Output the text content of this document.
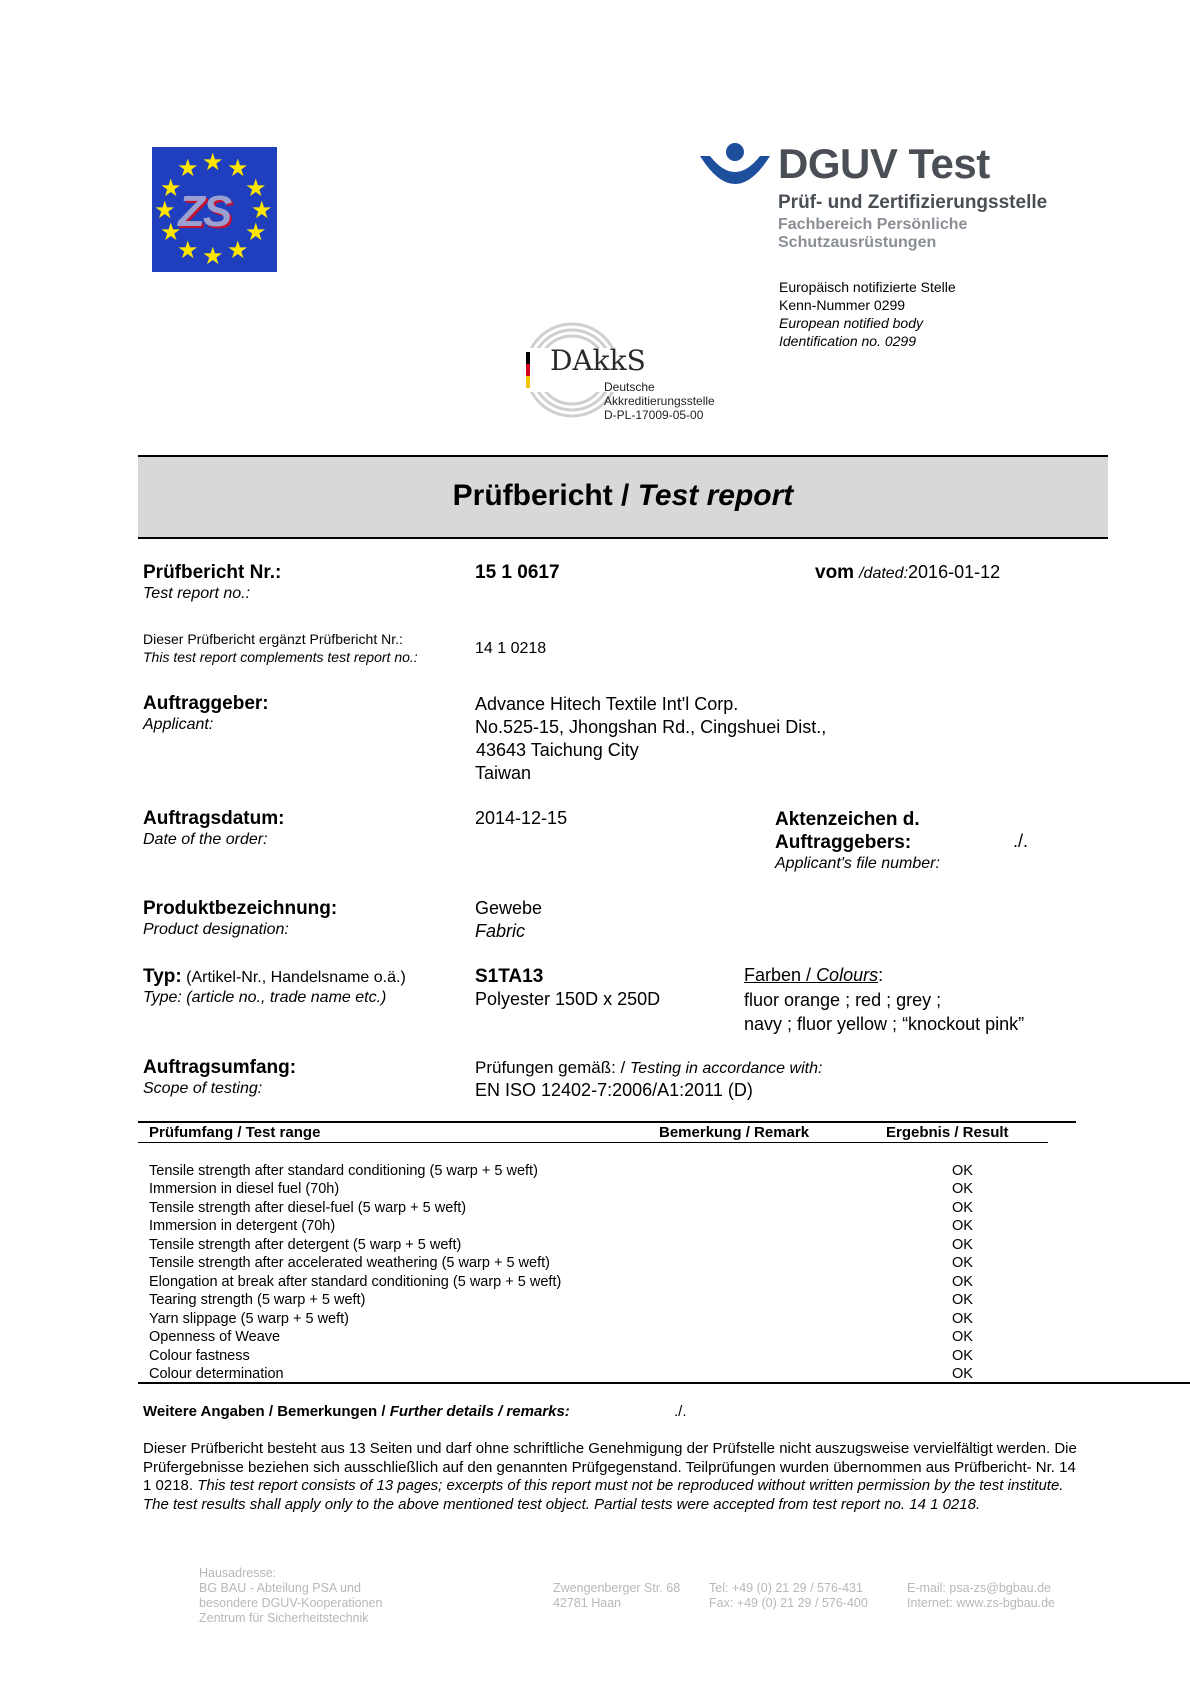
★
★ ★
★	★
★	★
★	★
★ ★
★
ZS
DGUV Test
Prüf- und Zertifizierungsstelle
Fachbereich Persönliche Schutzausrüstungen
Europäisch notifizierte Stelle
Kenn-Nummer 0299
European notified body
Identification no. 0299
DAkkS
Deutsche
Akkreditierungsstelle
D-PL-17009-05-00
Prüfbericht / Test report
Prüfbericht Nr.:
Test report no.:
15 1 0617	vom /dated:2016-01-12
Dieser Prüfbericht ergänzt Prüfbericht Nr.:
This test report complements test report no.:	14 1 0218
Auftraggeber:
Applicant:
Advance Hitech Textile Int'l Corp.
No.525-15, Jhongshan Rd., Cingshuei Dist.,
43643 Taichung City
Taiwan
Auftragsdatum:
Date of the order:
2014-12-15	Aktenzeichen d.
Auftraggebers:
Applicant's file number:
./.
Produktbezeichnung:
Product designation:
Gewebe
Fabric
Typ: (Artikel-Nr., Handelsname o.ä.)
Type: (article no., trade name etc.)
S1TA13
Polyester 150D x 250D
Farben / Colours:
fluor orange ; red ; grey ;
navy ; fluor yellow ; “knockout pink”
Auftragsumfang:
Scope of testing:
Prüfungen gemäß: / Testing in accordance with:
EN ISO 12402-7:2006/A1:2011 (D)
Prüfumfang / Test range	Bemerkung / Remark	Ergebnis / Result
Tensile strength after standard conditioning (5 warp + 5 weft)	OK
Immersion in diesel fuel (70h)	OK
Tensile strength after diesel-fuel (5 warp + 5 weft)	OK
Immersion in detergent (70h)	OK
Tensile strength after detergent (5 warp + 5 weft)	OK
Tensile strength after accelerated weathering (5 warp + 5 weft)	OK
Elongation at break after standard conditioning (5 warp + 5 weft)	OK
Tearing strength (5 warp + 5 weft)	OK
Yarn slippage (5 warp + 5 weft)	OK
Openness of Weave	OK
Colour fastness	OK
Colour determination	OK
Weitere Angaben / Bemerkungen / Further details / remarks:	./.
Dieser Prüfbericht besteht aus 13 Seiten und darf ohne schriftliche Genehmigung der Prüfstelle nicht auszugsweise vervielfältigt werden. Die Prüfergebnisse beziehen sich ausschließlich auf den genannten Prüfgegenstand. Teilprüfungen wurden übernommen aus Prüfbericht- Nr. 14 1 0218. This test report consists of 13 pages; excerpts of this report must not be reproduced without written permission by the test institute. The test results shall apply only to the above mentioned test object. Partial tests were accepted from test report no. 14 1 0218.
Hausadresse:
BG BAU - Abteilung PSA und
besondere DGUV-Kooperationen
Zentrum für Sicherheitstechnik
Zwengenberger Str. 68
42781 Haan
Tel: +49 (0) 21 29 / 576-431
Fax: +49 (0) 21 29 / 576-400
E-mail: psa-zs@bgbau.de
Internet: www.zs-bgbau.de
